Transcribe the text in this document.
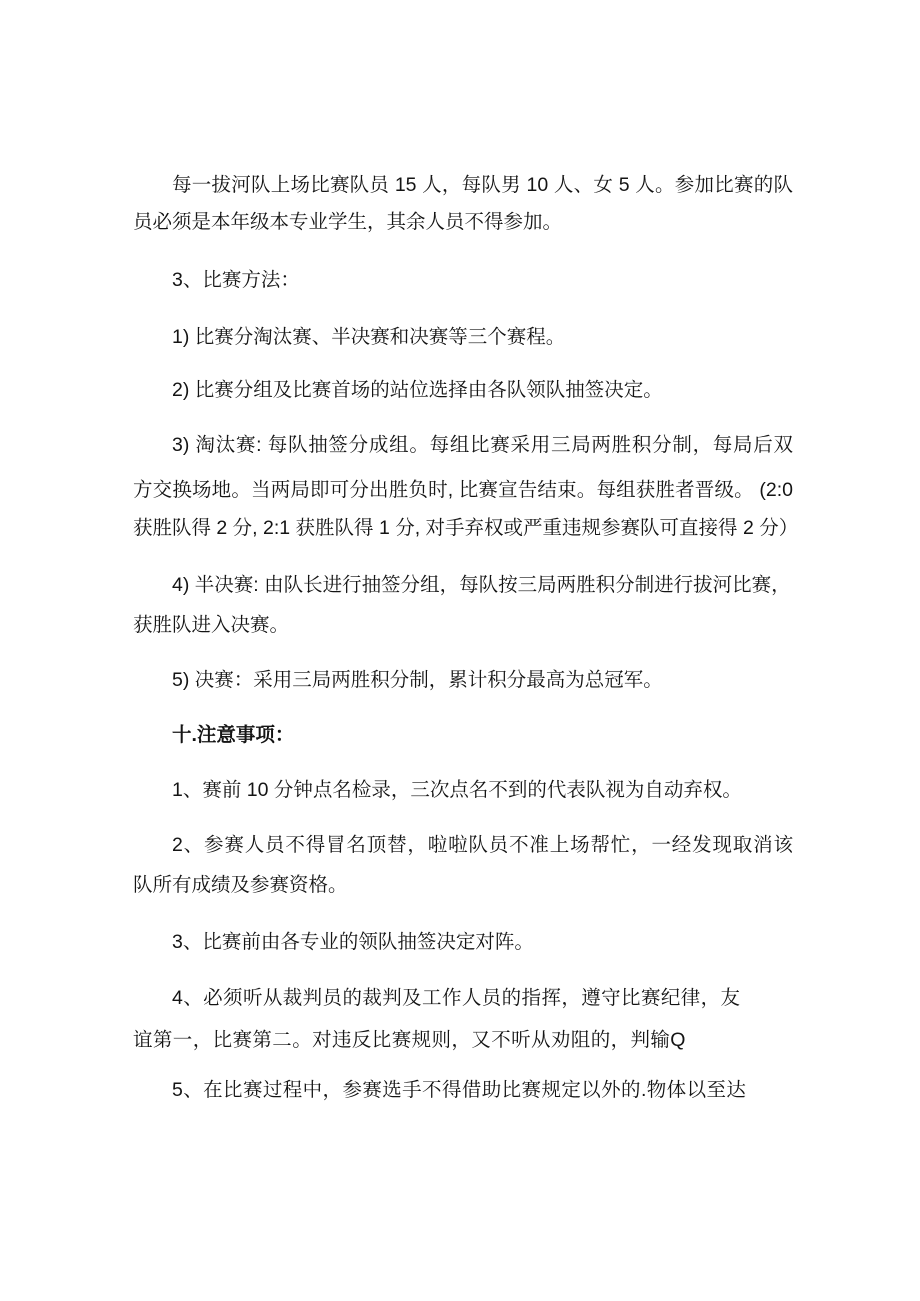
每一拔河队上场比赛队员 15 人，每队男 10 人、女 5 人。参加比赛的队
员必须是本年级本专业学生，其余人员不得参加。
3、比赛方法：
1) 比赛分淘汰赛、半决赛和决赛等三个赛程。
2) 比赛分组及比赛首场的站位选择由各队领队抽签决定。
3) 淘汰赛: 每队抽签分成组。每组比赛采用三局两胜积分制，每局后双
方交换场地。当两局即可分出胜负时, 比赛宣告结束。每组获胜者晋级。 (2:0
获胜队得 2 分, 2:1 获胜队得 1 分, 对手弃权或严重违规参赛队可直接得 2 分）
4) 半决赛: 由队长进行抽签分组，每队按三局两胜积分制进行拔河比赛，
获胜队进入决赛。
5) 决赛：采用三局两胜积分制，累计积分最高为总冠军。
十.注意事项：
1、赛前 10 分钟点名检录，三次点名不到的代表队视为自动弃权。
2、参赛人员不得冒名顶替，啦啦队员不准上场帮忙，一经发现取消该
队所有成绩及参赛资格。
3、比赛前由各专业的领队抽签决定对阵。
4、必须听从裁判员的裁判及工作人员的指挥，遵守比赛纪律，友
谊第一，比赛第二。对违反比赛规则，又不听从劝阻的，判输Q
5、在比赛过程中，参赛选手不得借助比赛规定以外的.物体以至达
